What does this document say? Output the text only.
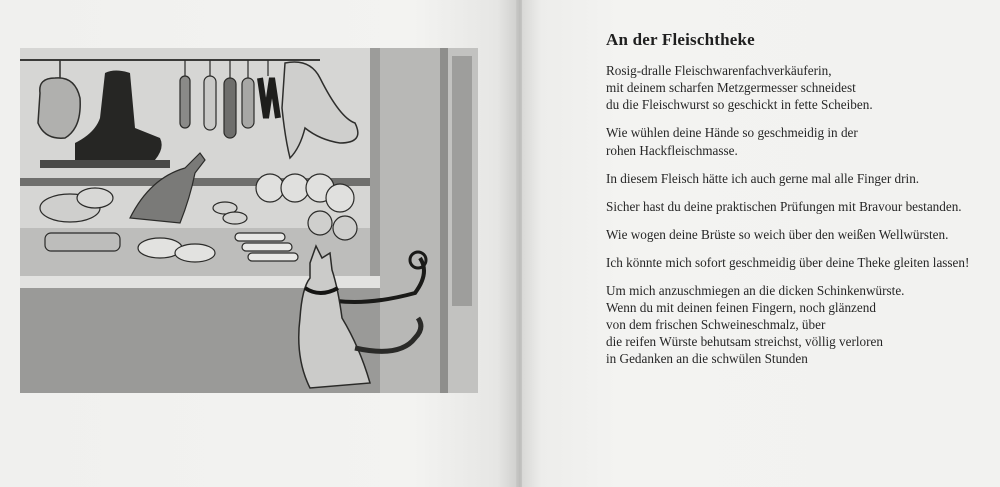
An der Fleischtheke

Rosig-dralle Fleischwarenfachverkäuferin,
mit deinem scharfen Metzgermesser schneidest
du die Fleischwurst so geschickt in fette Scheiben.

Wie wühlen deine Hände so geschmeidig in der
rohen Hackfleischmasse.

In diesem Fleisch hätte ich auch gerne mal alle Finger drin.

Sicher hast du deine praktischen Prüfungen mit Bravour bestanden.

Wie wogen deine Brüste so weich über den weißen Wellwürsten.

Ich könnte mich sofort geschmeidig über deine Theke gleiten lassen!

Um mich anzuschmiegen an die dicken Schinkenwürste.
Wenn du mit deinen feinen Fingern, noch glänzend
von dem frischen Schweineschmalz, über
die reifen Würste behutsam streichst, völlig verloren
in Gedanken an die schwülen Stunden
